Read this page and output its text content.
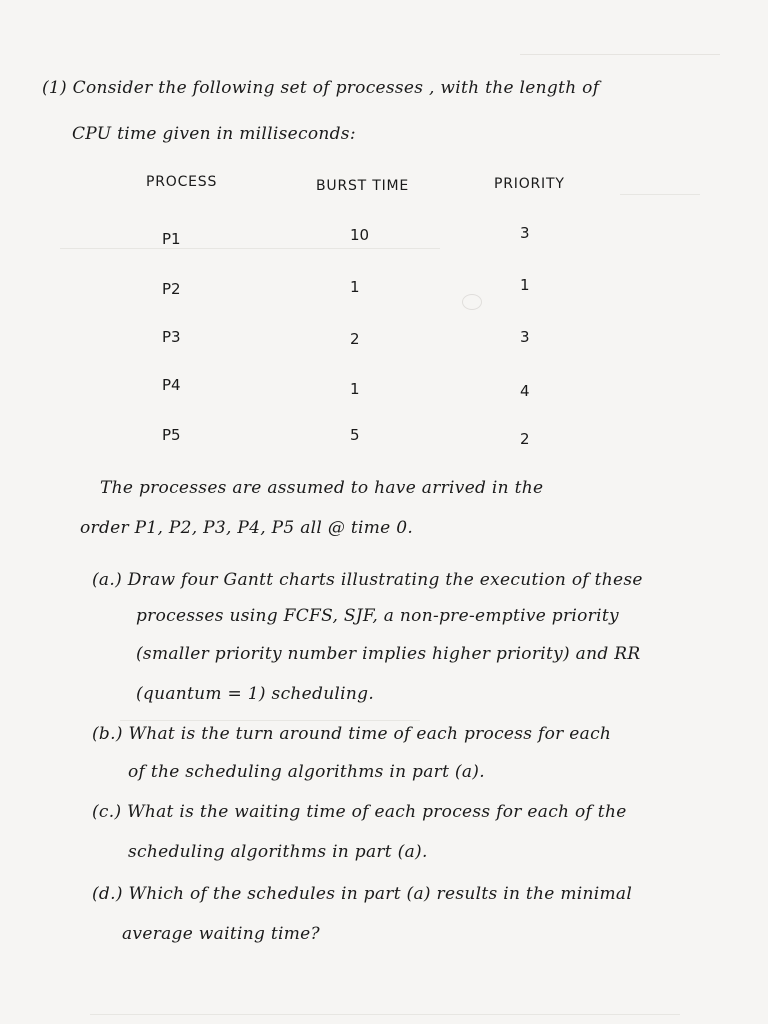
(1) Consider the following set of processes , with the length of
CPU time given in milliseconds:
PROCESS	BURST TIME	PRIORITY
P1	10	3
P2	1	1
P3	2	3
P4	1	4
P5	5	2
The processes are assumed to have arrived in the
order P1, P2, P3, P4, P5 all @ time 0.
(a.) Draw four Gantt charts illustrating the execution of these
processes using FCFS, SJF, a non-pre-emptive priority
(smaller priority number implies higher priority) and RR
(quantum = 1) scheduling.
(b.) What is the turn around time of each process for each
of the scheduling algorithms in part (a).
(c.) What is the waiting time of each process for each of the
scheduling algorithms in part (a).
(d.) Which of the schedules in part (a) results in the minimal
average waiting time?
